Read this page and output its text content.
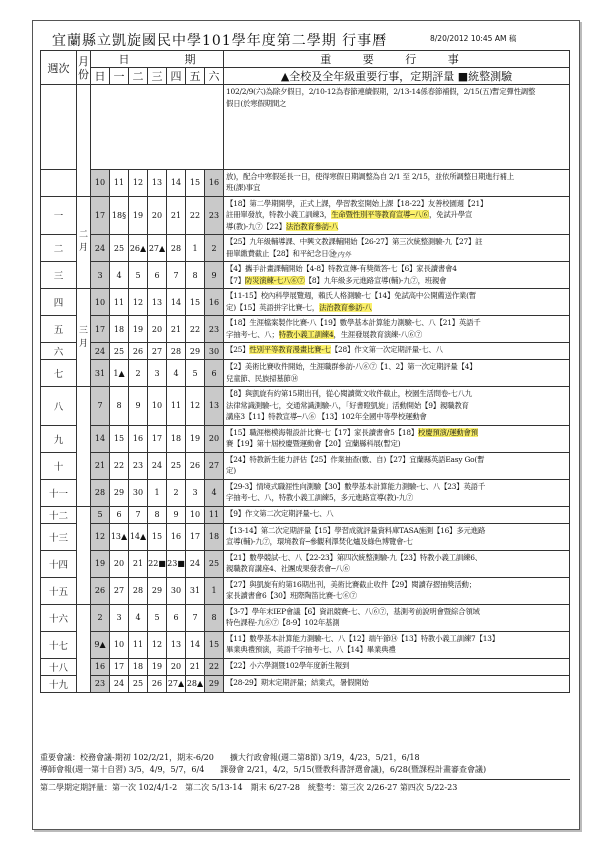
宜蘭縣立凱旋國民中學101學年度第二學期 行事曆	8/20/2012 10:45 AM 稿
週次	月份	日 期							重 要 行 事
		日	一	二	三	四	五	六	▲全校及全年級重要行事，定期評量 ■統整測驗

									102/2/9(六)為除夕假日，2/10-12為春節連續假期，2/13-14係春節補假，2/15(五)暫定彈性調整
假日(於寒假期間之

		10	11	12	13	14	15	16	放)，配合中寒假延長一日，使得寒假日期調整為自 2/1 至 2/15，並依所調整日期進行補上
班(課)事宜

一	二月	17	18§	19	20	21	22	23	【18】第二學期開學，正式上課，學習教室開始上課【18-22】友善校園週【21】
註冊單發放，特教小義工訓練3，生命暨性別平等教育宣導─八⑥，免試升學宣
導(教)-九⑦【22】法治教育參訪-八

二		24	25	26▲	27▲	28	1	2	【25】九年級輔導課、中興文教課輔開始【26-27】第三次統整測驗-九【27】註
冊單繳費截止【28】和平紀念日⑭

三		3	4	5	6	7	8	9	【4】攜手計畫課輔開始【4-8】特教宣傳-有獎徵答-七【6】家長讀書會4
【7】防災演練-七八⑥⑦【8】九年級多元進路宣導(輔)-九⑦，班親會

四	三月	10	11	12	13	14	15	16	【11-15】校內科學展覽週，賴氏人格測驗-七【14】免試高中公開薦送作業(暫
定)【15】英語拼字比賽-七，法治教育參訪-八

五		17	18	19	20	21	22	23	【18】生涯檔案製作比賽-八【19】數學基本計算能力測驗-七、八【21】英語千
字抽考-七、八；特教小義工訓練4，生涯發展教育演練-八⑥⑦

六		24	25	26	27	28	29	30	【25】性別平等教育漫畫比賽-七【28】作文第一次定期評量-七、八

七		31	1▲	2	3	4	5	6	【2】美術比賽收件開始，生涯職群參訪-八⑥⑦【1、2】第一次定期評量【4】
兒童節、民族掃墓節⑭

八		7	8	9	10	11	12	13	【8】與凱旋有約第15期出刊，從心閱讀徵文收件截止，校園生活問卷-七八九
法律常識測驗-七，交通常識測驗-八，「好書瞪凱旋」活動開始【9】親職教育
講座3【11】特教宣導─八⑥ 【13】102年全國中等學校運動會

九		14	15	16	17	18	19	20	【15】職涯楷模海報設計比賽-七【17】家長讀書會5【18】校慶預演/運動會預
賽【19】第十屆校慶暨運動會【20】宜蘭縣科展(暫定)

十		21	22	23	24	25	26	27	【24】特教新生能力評估【25】作業抽查(數、自)【27】宜蘭縣英語Easy Go(暫
定)

十一		28	29	30	1	2	3	4	【29-3】情境式職涯性向測驗【30】數學基本計算能力測驗-七、八【23】英語千
字抽考-七、八，特教小義工訓練5，多元進路宣導(教)-九⑦

十二		5	6	7	8	9	10	11	【9】作文第二次定期評量-七、八

十三		12	13▲	14▲	15	16	17	18	【13-14】第二次定期評量【15】學習成就評量資料庫TASA施測【16】多元進路
宣導(輔)-九⑦，環境教育─參觀利澤焚化爐及綠色博覽會-七

十四		19	20	21	22■	23■	24	25	【21】數學競試-七、八【22-23】第四次統整測驗-九【23】特教小義工訓練6、
親職教育講座4、社團成果發表會─八⑥

十五		26	27	28	29	30	31	1	【27】與凱旋有約第16期出刊，美術比賽截止收件【29】閱讀存摺抽獎活動；
家長讀書會6【30】班際陶笛比賽-七⑥⑦

十六		2	3	4	5	6	7	8	【3-7】學年末IEP會議【6】資訊競賽-七、八⑥⑦，基測考前說明會暨綜合領域
特色課程-九⑥⑦【8-9】102年基測

十七		9▲	10	11	12	13	14	15	【11】數學基本計算能力測驗-七、八【12】端午節⑭【13】特教小義工訓練7【13】
畢業典禮預演，英語千字抽考-七、八【14】畢業典禮

十八		16	17	18	19	20	21	22	【22】小六學測暨102學年度新生報到

十九		23	24	25	26	27▲	28▲	29	【28-29】期末定期評量；結業式，暑假開始
之内外
重要會議：校務會議-期初 102/2/21，期末-6/20　　擴大行政會報(週二第8節) 3/19，4/23，5/21，6/18
導師會報(週一第十自習) 3/5，4/9，5/7，6/4　　課發會 2/21，4/2，5/15(暨教科書評選會議)，6/28(暨課程計畫審查會議)
第二學期定期評量：第一次 102/4/1-2　第二次 5/13-14　期末 6/27-28　統整考：第三次 2/26-27 第四次 5/22-23
